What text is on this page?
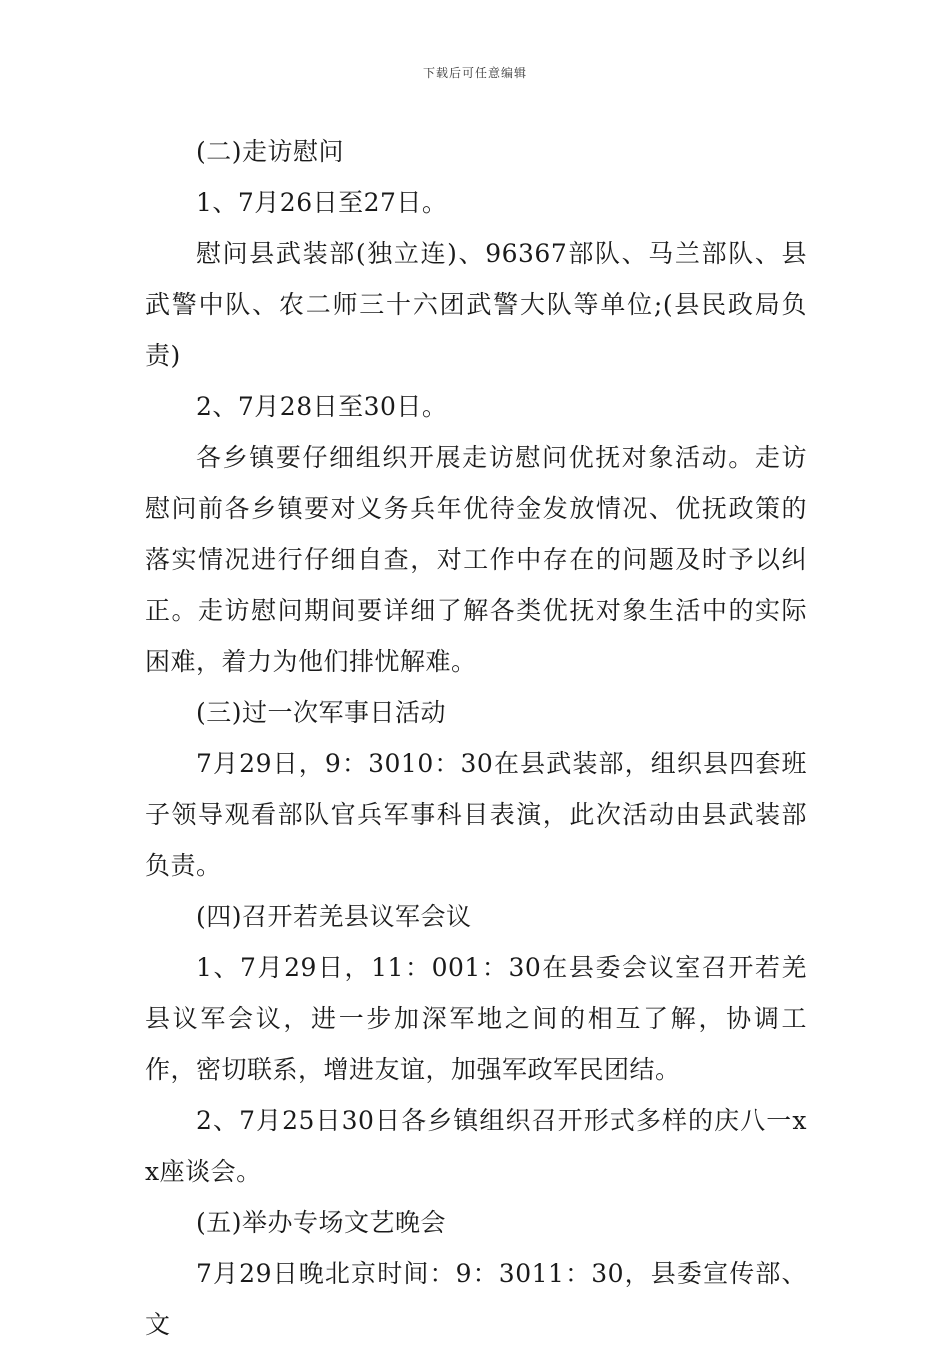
下载后可任意编辑

(二)走访慰问

1、7月26日至27日。

慰问县武装部(独立连)、96367部队、马兰部队、县武警中队、农二师三十六团武警大队等单位;(县民政局负责)

2、7月28日至30日。

各乡镇要仔细组织开展走访慰问优抚对象活动。走访慰问前各乡镇要对义务兵年优待金发放情况、优抚政策的落实情况进行仔细自查，对工作中存在的问题及时予以纠正。走访慰问期间要详细了解各类优抚对象生活中的实际困难，着力为他们排忧解难。

(三)过一次军事日活动

7月29日，9：3010：30在县武装部，组织县四套班子领导观看部队官兵军事科目表演，此次活动由县武装部负责。

(四)召开若羌县议军会议

1、7月29日，11：001：30在县委会议室召开若羌县议军会议，进一步加深军地之间的相互了解，协调工作，密切联系，增进友谊，加强军政军民团结。

2、7月25日30日各乡镇组织召开形式多样的庆八一xx座谈会。

(五)举办专场文艺晚会

7月29日晚北京时间：9：3011：30，县委宣传部、文
